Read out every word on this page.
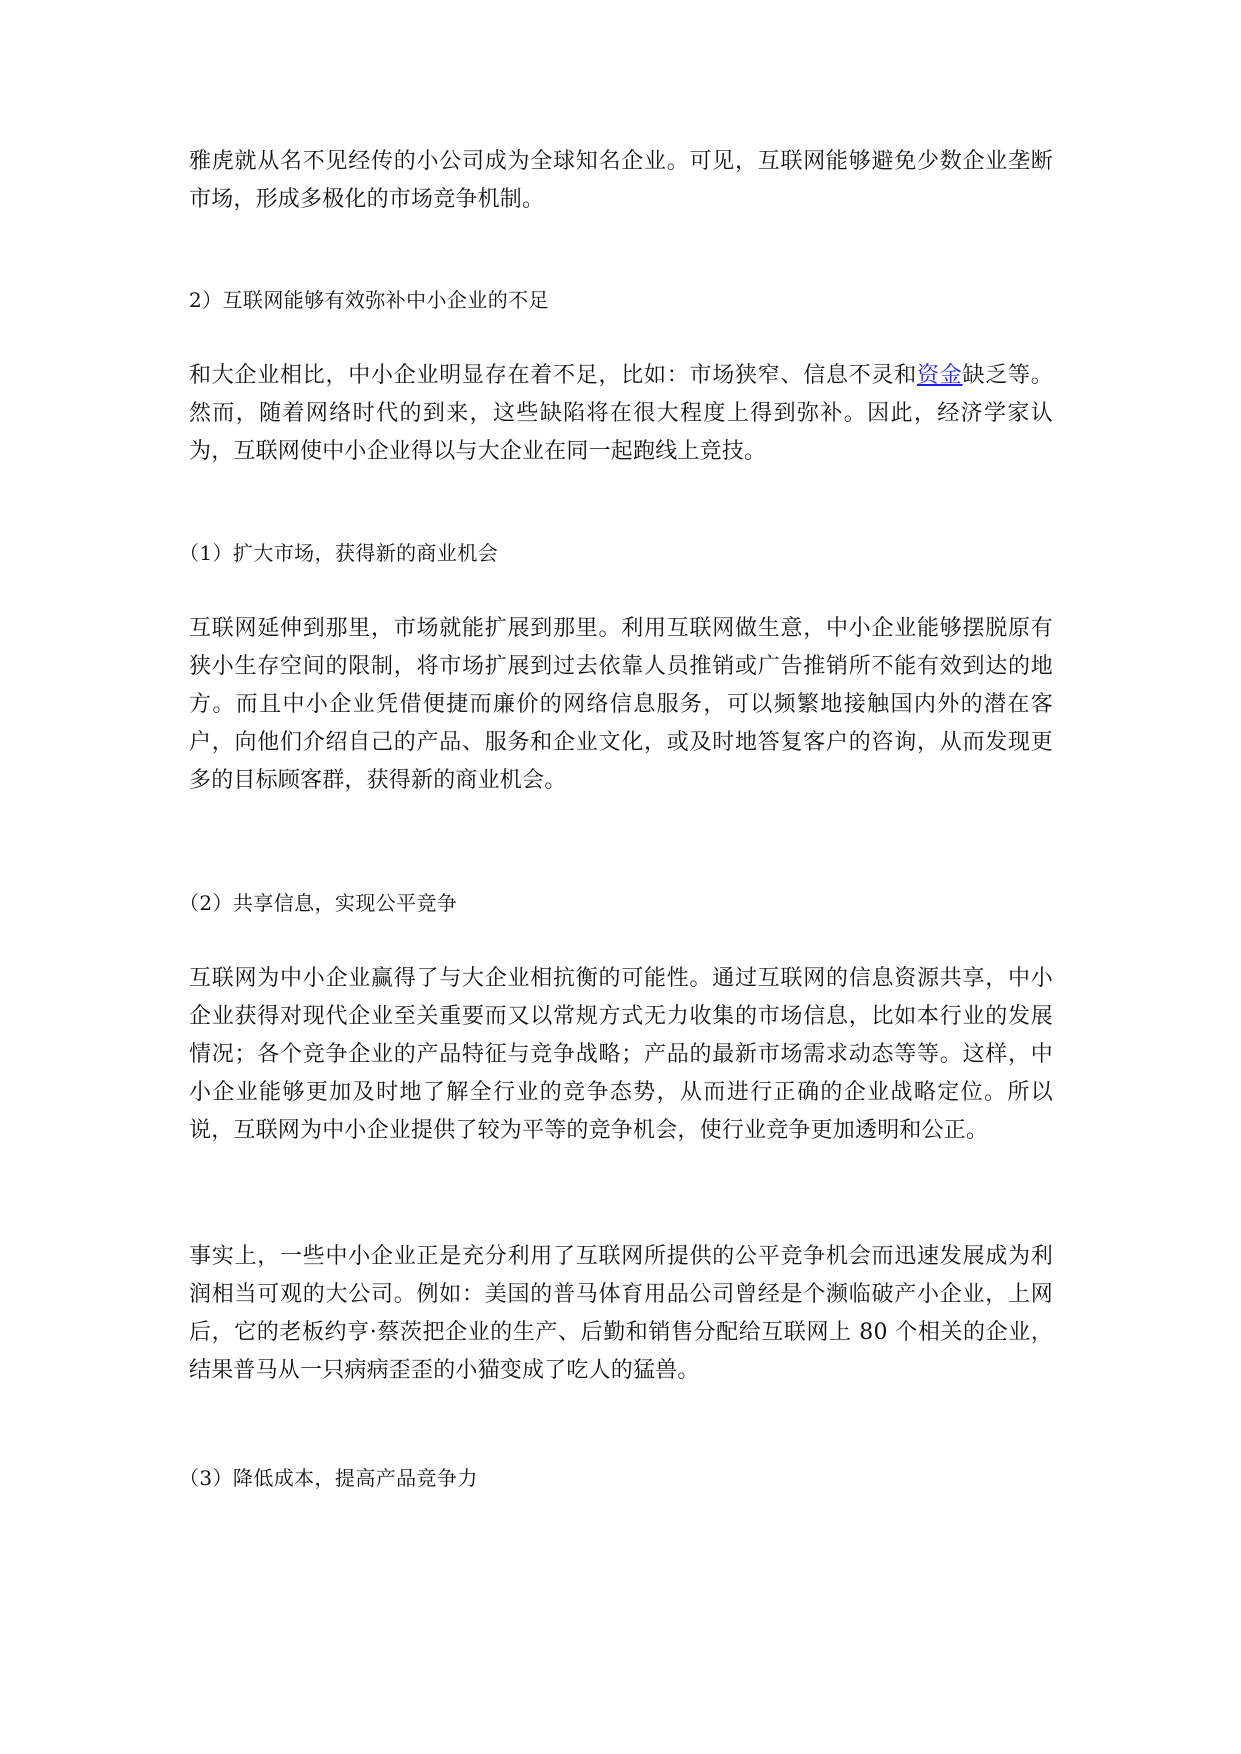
雅虎就从名不见经传的小公司成为全球知名企业。可见，互联网能够避免少数企业垄断市场，形成多极化的市场竞争机制。

2）互联网能够有效弥补中小企业的不足

和大企业相比，中小企业明显存在着不足，比如：市场狭窄、信息不灵和资金缺乏等。然而，随着网络时代的到来，这些缺陷将在很大程度上得到弥补。因此，经济学家认为，互联网使中小企业得以与大企业在同一起跑线上竞技。

（1）扩大市场，获得新的商业机会

互联网延伸到那里，市场就能扩展到那里。利用互联网做生意，中小企业能够摆脱原有狭小生存空间的限制，将市场扩展到过去依靠人员推销或广告推销所不能有效到达的地方。而且中小企业凭借便捷而廉价的网络信息服务，可以频繁地接触国内外的潜在客户，向他们介绍自己的产品、服务和企业文化，或及时地答复客户的咨询，从而发现更多的目标顾客群，获得新的商业机会。

（2）共享信息，实现公平竞争

互联网为中小企业赢得了与大企业相抗衡的可能性。通过互联网的信息资源共享，中小企业获得对现代企业至关重要而又以常规方式无力收集的市场信息，比如本行业的发展情况；各个竞争企业的产品特征与竞争战略；产品的最新市场需求动态等等。这样，中小企业能够更加及时地了解全行业的竞争态势，从而进行正确的企业战略定位。所以说，互联网为中小企业提供了较为平等的竞争机会，使行业竞争更加透明和公正。

事实上，一些中小企业正是充分利用了互联网所提供的公平竞争机会而迅速发展成为利润相当可观的大公司。例如：美国的普马体育用品公司曾经是个濒临破产小企业，上网后，它的老板约亨·蔡茨把企业的生产、后勤和销售分配给互联网上 80 个相关的企业，结果普马从一只病病歪歪的小猫变成了吃人的猛兽。

（3）降低成本，提高产品竞争力
